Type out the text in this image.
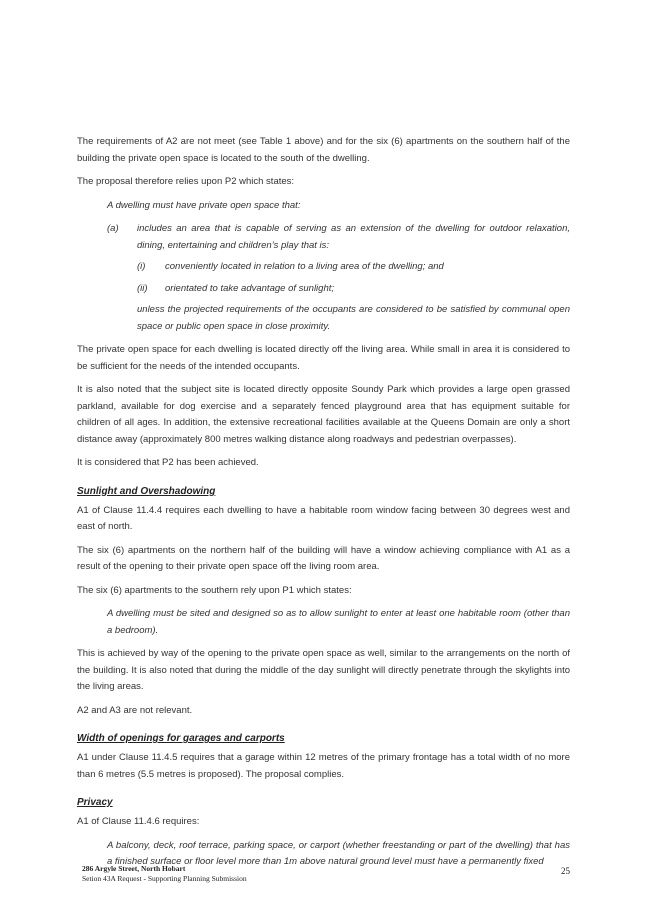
The requirements of A2 are not meet (see Table 1 above) and for the six (6) apartments on the southern half of the building the private open space is located to the south of the dwelling.

The proposal therefore relies upon P2 which states:

A dwelling must have private open space that:

(a)	includes an area that is capable of serving as an extension of the dwelling for outdoor relaxation, dining, entertaining and children’s play that is:
(i)	conveniently located in relation to a living area of the dwelling; and
(ii)	orientated to take advantage of sunlight;

unless the projected requirements of the occupants are considered to be satisfied by communal open space or public open space in close proximity.

The private open space for each dwelling is located directly off the living area. While small in area it is considered to be sufficient for the needs of the intended occupants.

It is also noted that the subject site is located directly opposite Soundy Park which provides a large open grassed parkland, available for dog exercise and a separately fenced playground area that has equipment suitable for children of all ages. In addition, the extensive recreational facilities available at the Queens Domain are only a short distance away (approximately 800 metres walking distance along roadways and pedestrian overpasses).

It is considered that P2 has been achieved.

Sunlight and Overshadowing

A1 of Clause 11.4.4 requires each dwelling to have a habitable room window facing between 30 degrees west and east of north.

The six (6) apartments on the northern half of the building will have a window achieving compliance with A1 as a result of the opening to their private open space off the living room area.

The six (6) apartments to the southern rely upon P1 which states:

A dwelling must be sited and designed so as to allow sunlight to enter at least one habitable room (other than a bedroom).

This is achieved by way of the opening to the private open space as well, similar to the arrangements on the north of the building. It is also noted that during the middle of the day sunlight will directly penetrate through the skylights into the living areas.

A2 and A3 are not relevant.

Width of openings for garages and carports

A1 under Clause 11.4.5 requires that a garage within 12 metres of the primary frontage has a total width of no more than 6 metres (5.5 metres is proposed). The proposal complies.

Privacy

A1 of Clause 11.4.6 requires:

A balcony, deck, roof terrace, parking space, or carport (whether freestanding or part of the dwelling) that has a finished surface or floor level more than 1m above natural ground level must have a permanently fixed

286 Argyle Street, North Hobart
Setion 43A Request - Supporting Planning Submission
25
